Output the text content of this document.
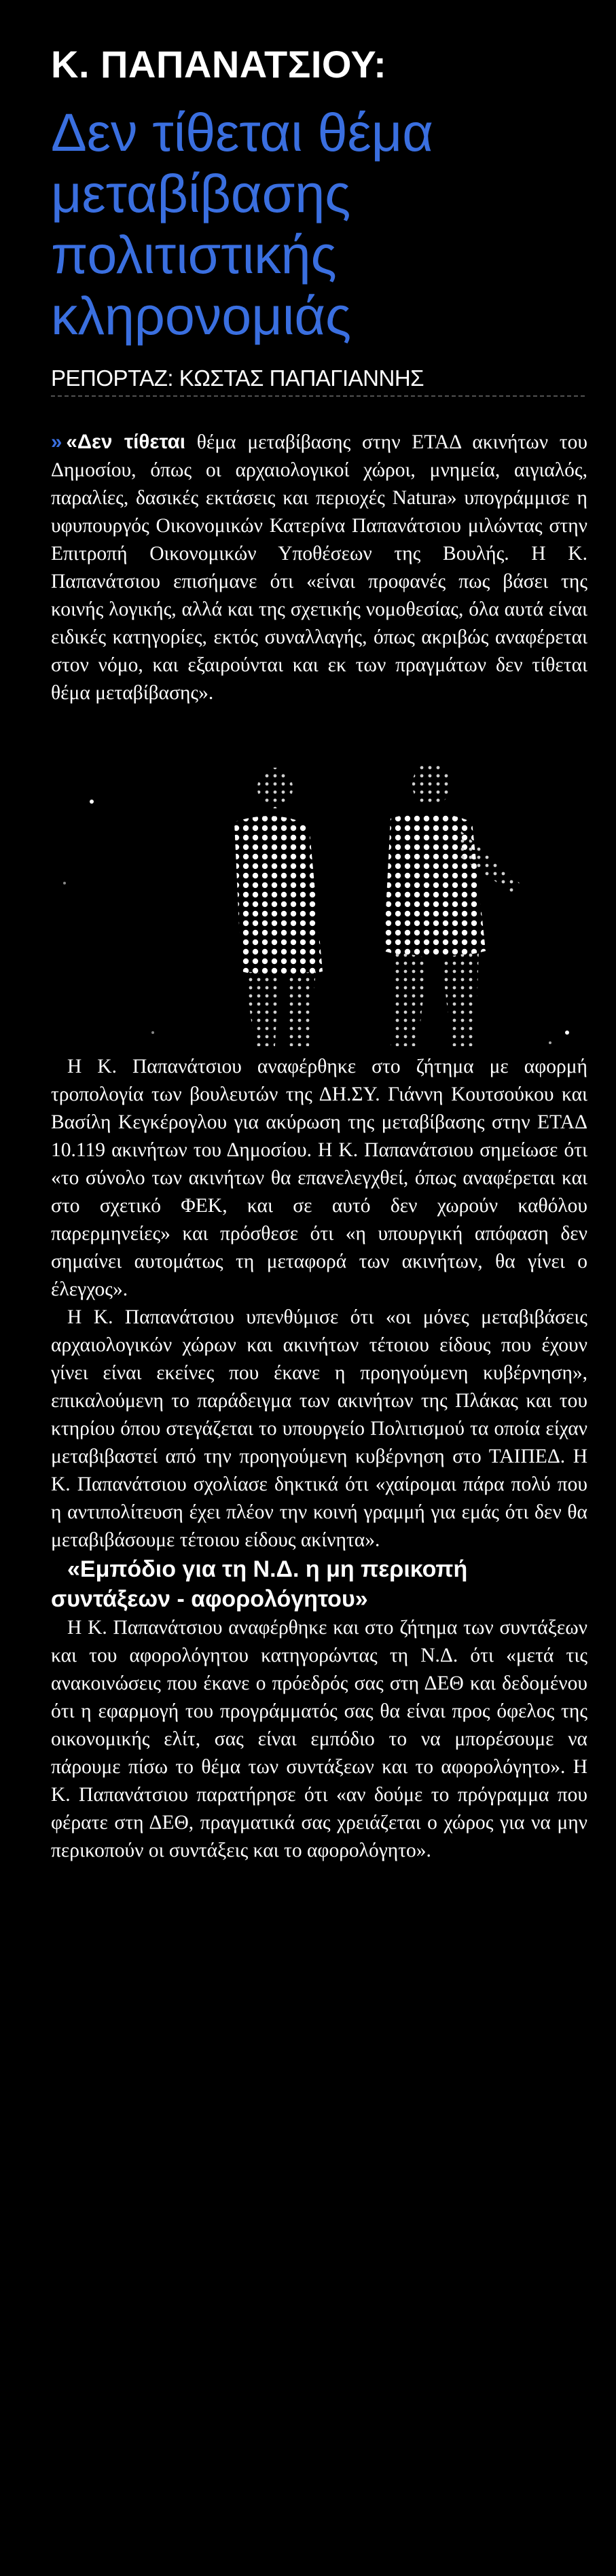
Κ. ΠΑΠΑΝΑΤΣΙΟΥ:
Δεν τίθεται θέμα μεταβίβασης πολιτιστικής κληρονομιάς
ΡΕΠΟΡΤΑΖ: ΚΩΣΤΑΣ ΠΑΠΑΓΙΑΝΝΗΣ

» «Δεν τίθεται θέμα μεταβίβασης στην ΕΤΑΔ ακινήτων του Δημοσίου, όπως οι αρχαιολογικοί χώροι, μνημεία, αιγιαλός, παραλίες, δασικές εκτάσεις και περιοχές Natura» υπογράμμισε η υφυπουργός Οικονομικών Κατερίνα Παπανάτσιου μιλώντας στην Επιτροπή Οικονομικών Υποθέσεων της Βουλής. Η Κ. Παπανάτσιου επισήμανε ότι «είναι προφανές πως βάσει της κοινής λογικής, αλλά και της σχετικής νομοθεσίας, όλα αυτά είναι ειδικές κατηγορίες, εκτός συναλλαγής, όπως ακριβώς αναφέρεται στον νόμο, και εξαιρούνται και εκ των πραγμάτων δεν τίθεται θέμα μεταβίβασης».

Η Κ. Παπανάτσιου αναφέρθηκε στο ζήτημα με αφορμή τροπολογία των βουλευτών της ΔΗ.ΣΥ. Γιάννη Κουτσούκου και Βασίλη Κεγκέρογλου για ακύρωση της μεταβίβασης στην ΕΤΑΔ 10.119 ακινήτων του Δημοσίου. Η Κ. Παπανάτσιου σημείωσε ότι «το σύνολο των ακινήτων θα επανελεγχθεί, όπως αναφέρεται και στο σχετικό ΦΕΚ, και σε αυτό δεν χωρούν καθόλου παρερμηνείες» και πρόσθεσε ότι «η υπουργική απόφαση δεν σημαίνει αυτομάτως τη μεταφορά των ακινήτων, θα γίνει ο έλεγχος».

Η Κ. Παπανάτσιου υπενθύμισε ότι «οι μόνες μεταβιβάσεις αρχαιολογικών χώρων και ακινήτων τέτοιου είδους που έχουν γίνει είναι εκείνες που έκανε η προηγούμενη κυβέρνηση», επικαλούμενη το παράδειγμα των ακινήτων της Πλάκας και του κτηρίου όπου στεγάζεται το υπουργείο Πολιτισμού τα οποία είχαν μεταβιβαστεί από την προηγούμενη κυβέρνηση στο ΤΑΙΠΕΔ. Η Κ. Παπανάτσιου σχολίασε δηκτικά ότι «χαίρομαι πάρα πολύ που η αντιπολίτευση έχει πλέον την κοινή γραμμή για εμάς ότι δεν θα μεταβιβάσουμε τέτοιου είδους ακίνητα».

«Εμπόδιο για τη Ν.Δ. η μη περικοπή συντάξεων - αφορολόγητου»

Η Κ. Παπανάτσιου αναφέρθηκε και στο ζήτημα των συντάξεων και του αφορολόγητου κατηγορώντας τη Ν.Δ. ότι «μετά τις ανακοινώσεις που έκανε ο πρόεδρός σας στη ΔΕΘ και δεδομένου ότι η εφαρμογή του προγράμματός σας θα είναι προς όφελος της οικονομικής ελίτ, σας είναι εμπόδιο το να μπορέσουμε να πάρουμε πίσω το θέμα των συντάξεων και το αφορολόγητο». Η Κ. Παπανάτσιου παρατήρησε ότι «αν δούμε το πρόγραμμα που φέρατε στη ΔΕΘ, πραγματικά σας χρειάζεται ο χώρος για να μην περικοπούν οι συντάξεις και το αφορολόγητο».
